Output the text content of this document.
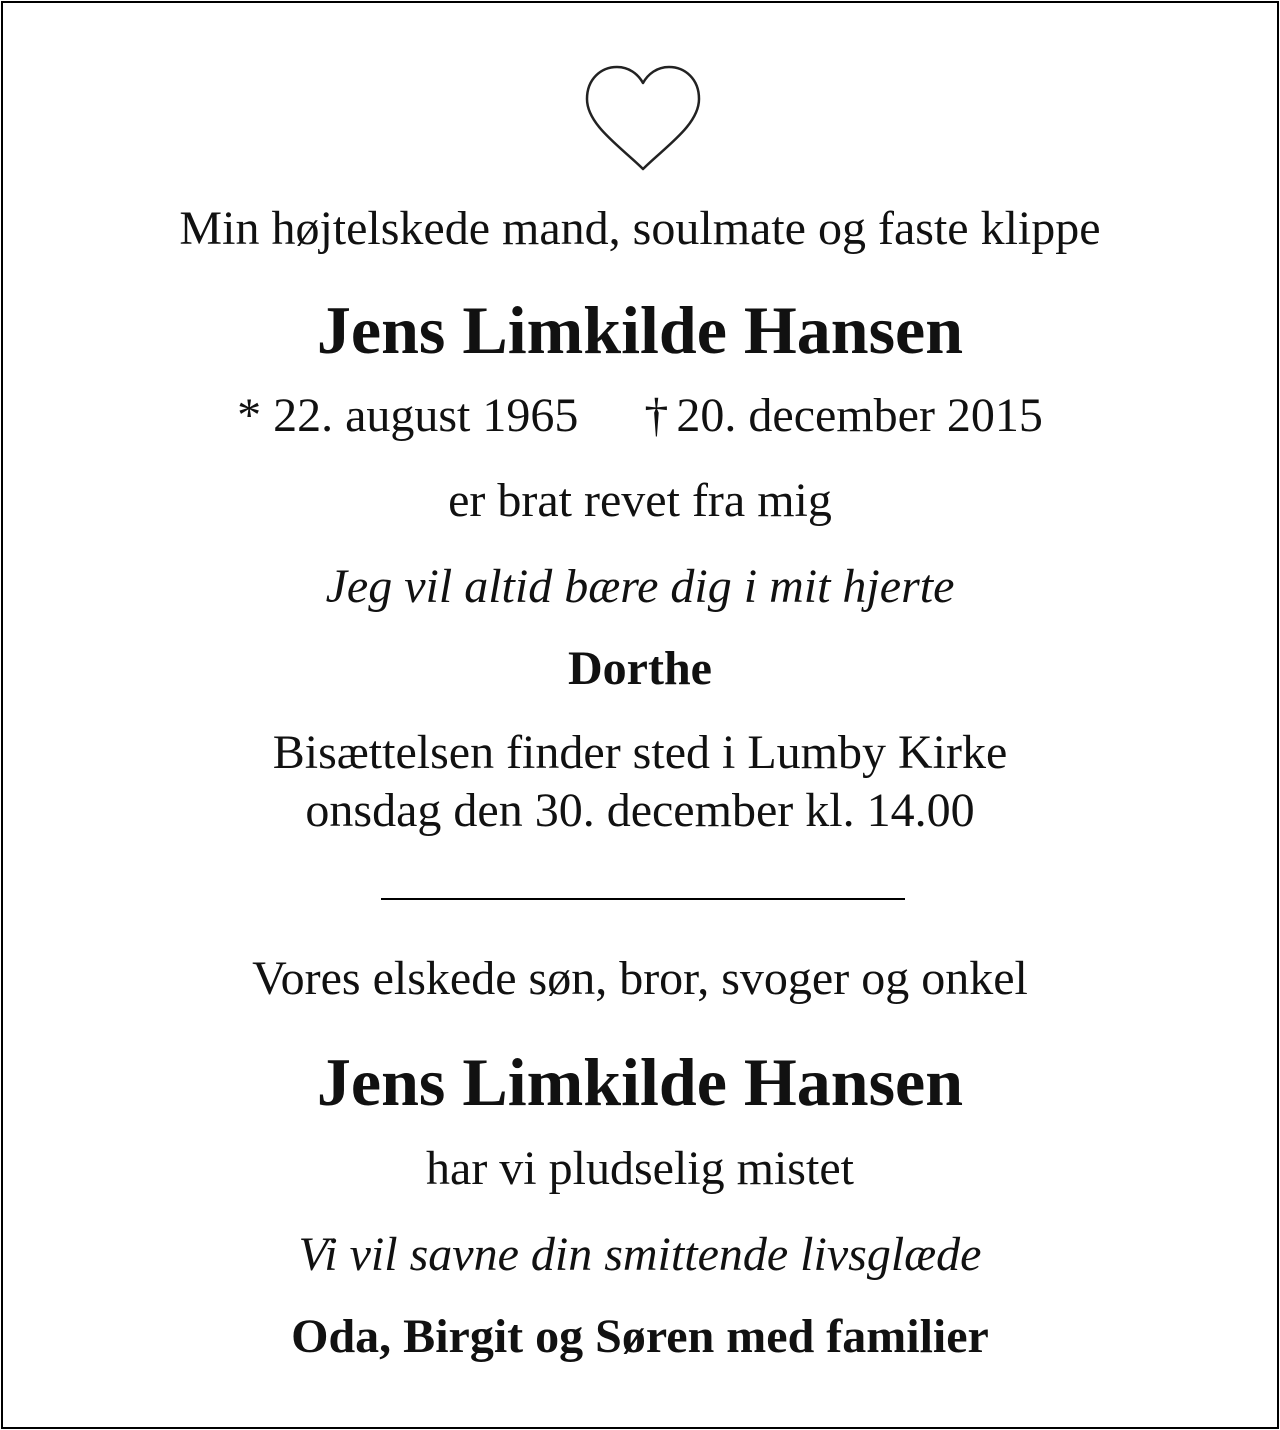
Min højtelskede mand, soulmate og faste klippe
Jens Limkilde Hansen
* 22. august 1965 † 20. december 2015
er brat revet fra mig
Jeg vil altid bære dig i mit hjerte
Dorthe
Bisættelsen finder sted i Lumby Kirke
onsdag den 30. december kl. 14.00
Vores elskede søn, bror, svoger og onkel
Jens Limkilde Hansen
har vi pludselig mistet
Vi vil savne din smittende livsglæde
Oda, Birgit og Søren med familier
